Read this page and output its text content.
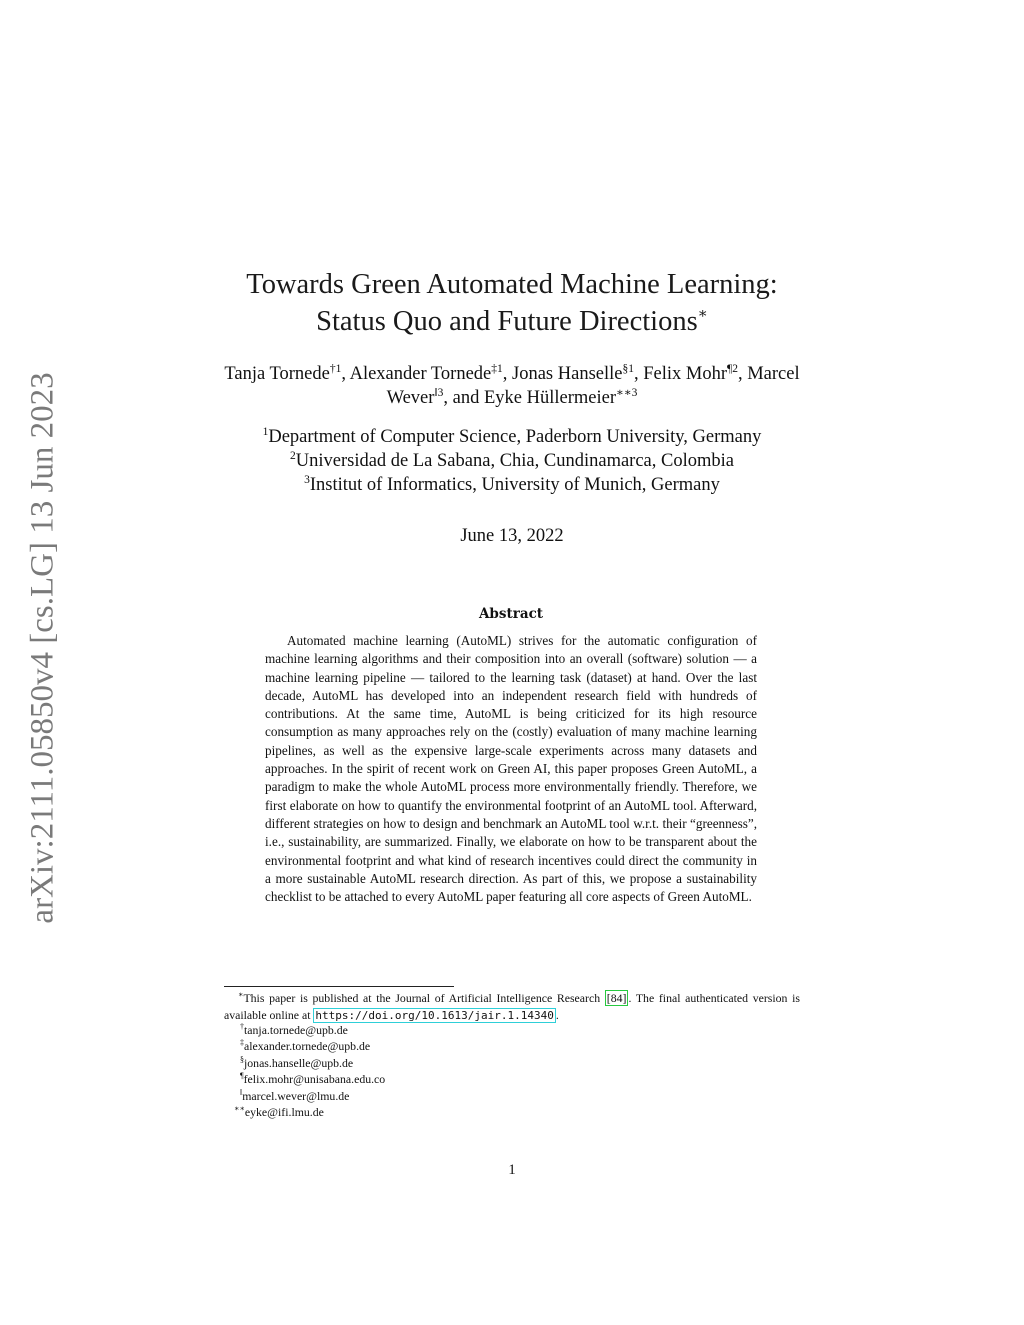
arXiv:2111.05850v4 [cs.LG] 13 Jun 2023
Towards Green Automated Machine Learning:
Status Quo and Future Directions∗
Tanja Tornede$^{\dagger 1}$, Alexander Tornede$^{\ddagger 1}$, Jonas Hanselle$^{\S 1}$, Felix Mohr$^{\P 2}$, Marcel Wever$^{‖3}$, and Eyke Hüllermeier$^{∗∗3}$
$^1$Department of Computer Science, Paderborn University, Germany
$^2$Universidad de La Sabana, Chia, Cundinamarca, Colombia
$^3$Institut of Informatics, University of Munich, Germany
June 13, 2022
Abstract
Automated machine learning (AutoML) strives for the automatic configuration of machine learning algorithms and their composition into an overall (software) solution — a machine learning pipeline — tailored to the learning task (dataset) at hand. Over the last decade, AutoML has developed into an independent research field with hundreds of contributions. At the same time, AutoML is being criticized for its high resource consumption as many approaches rely on the (costly) evaluation of many machine learning pipelines, as well as the expensive large-scale experiments across many datasets and approaches. In the spirit of recent work on Green AI, this paper proposes Green AutoML, a paradigm to make the whole AutoML process more environmentally friendly. Therefore, we first elaborate on how to quantify the environmental footprint of an AutoML tool. Afterward, different strategies on how to design and benchmark an AutoML tool w.r.t. their “greenness”, i.e., sustainability, are summarized. Finally, we elaborate on how to be transparent about the environmental footprint and what kind of research incentives could direct the community in a more sustainable AutoML research direction. As part of this, we propose a sustainability checklist to be attached to every AutoML paper featuring all core aspects of Green AutoML.
∗This paper is published at the Journal of Artificial Intelligence Research [84] . The final authenticated version is available online at https://doi.org/10.1613/jair.1.14340 .
†tanja.tornede@upb.de
‡alexander.tornede@upb.de
§jonas.hanselle@upb.de
¶felix.mohr@unisabana.edu.co
‖marcel.wever@lmu.de
∗∗eyke@ifi.lmu.de
1
